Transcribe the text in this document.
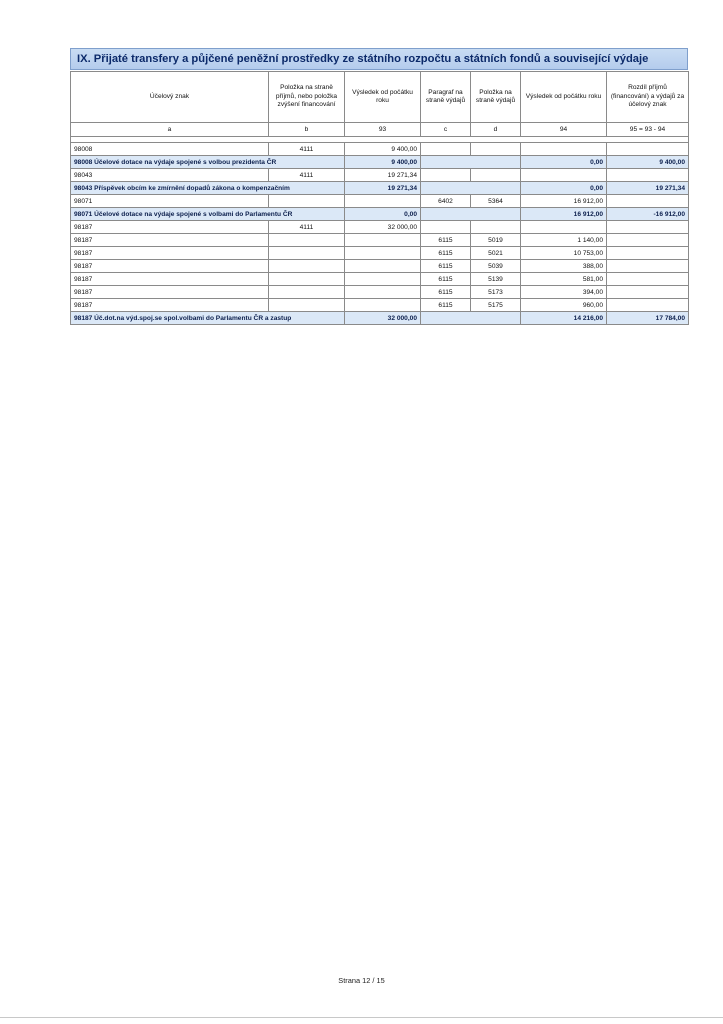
IX. Přijaté transfery a půjčené peněžní prostředky ze státního rozpočtu a státních fondů a související výdaje
Účelový znak	Položka na straně příjmů, nebo položka zvýšení financování	Výsledek od počátku roku	Paragraf na straně výdajů	Položka na straně výdajů	Výsledek od počátku roku	Rozdíl příjmů (financování) a výdajů za účelový znak
a	b	93	c	d	94	95 = 93 - 94

98008	4111	9 400,00				
98008 Účelové dotace na výdaje spojené s volbou prezidenta ČR		9 400,00			0,00	9 400,00
98043	4111	19 271,34				
98043 Příspěvek obcím ke zmírnění dopadů zákona o kompenzačním		19 271,34			0,00	19 271,34
98071			6402	5364	16 912,00	
98071 Účelové dotace na výdaje spojené s volbami do Parlamentu ČR		0,00			16 912,00	-16 912,00
98187	4111	32 000,00				
98187			6115	5019	1 140,00	
98187			6115	5021	10 753,00	
98187			6115	5039	388,00	
98187			6115	5139	581,00	
98187			6115	5173	394,00	
98187			6115	5175	960,00	
98187 Úč.dot.na výd.spoj.se spol.volbami do Parlamentu ČR a zastup		32 000,00			14 216,00	17 784,00
Strana 12 / 15
